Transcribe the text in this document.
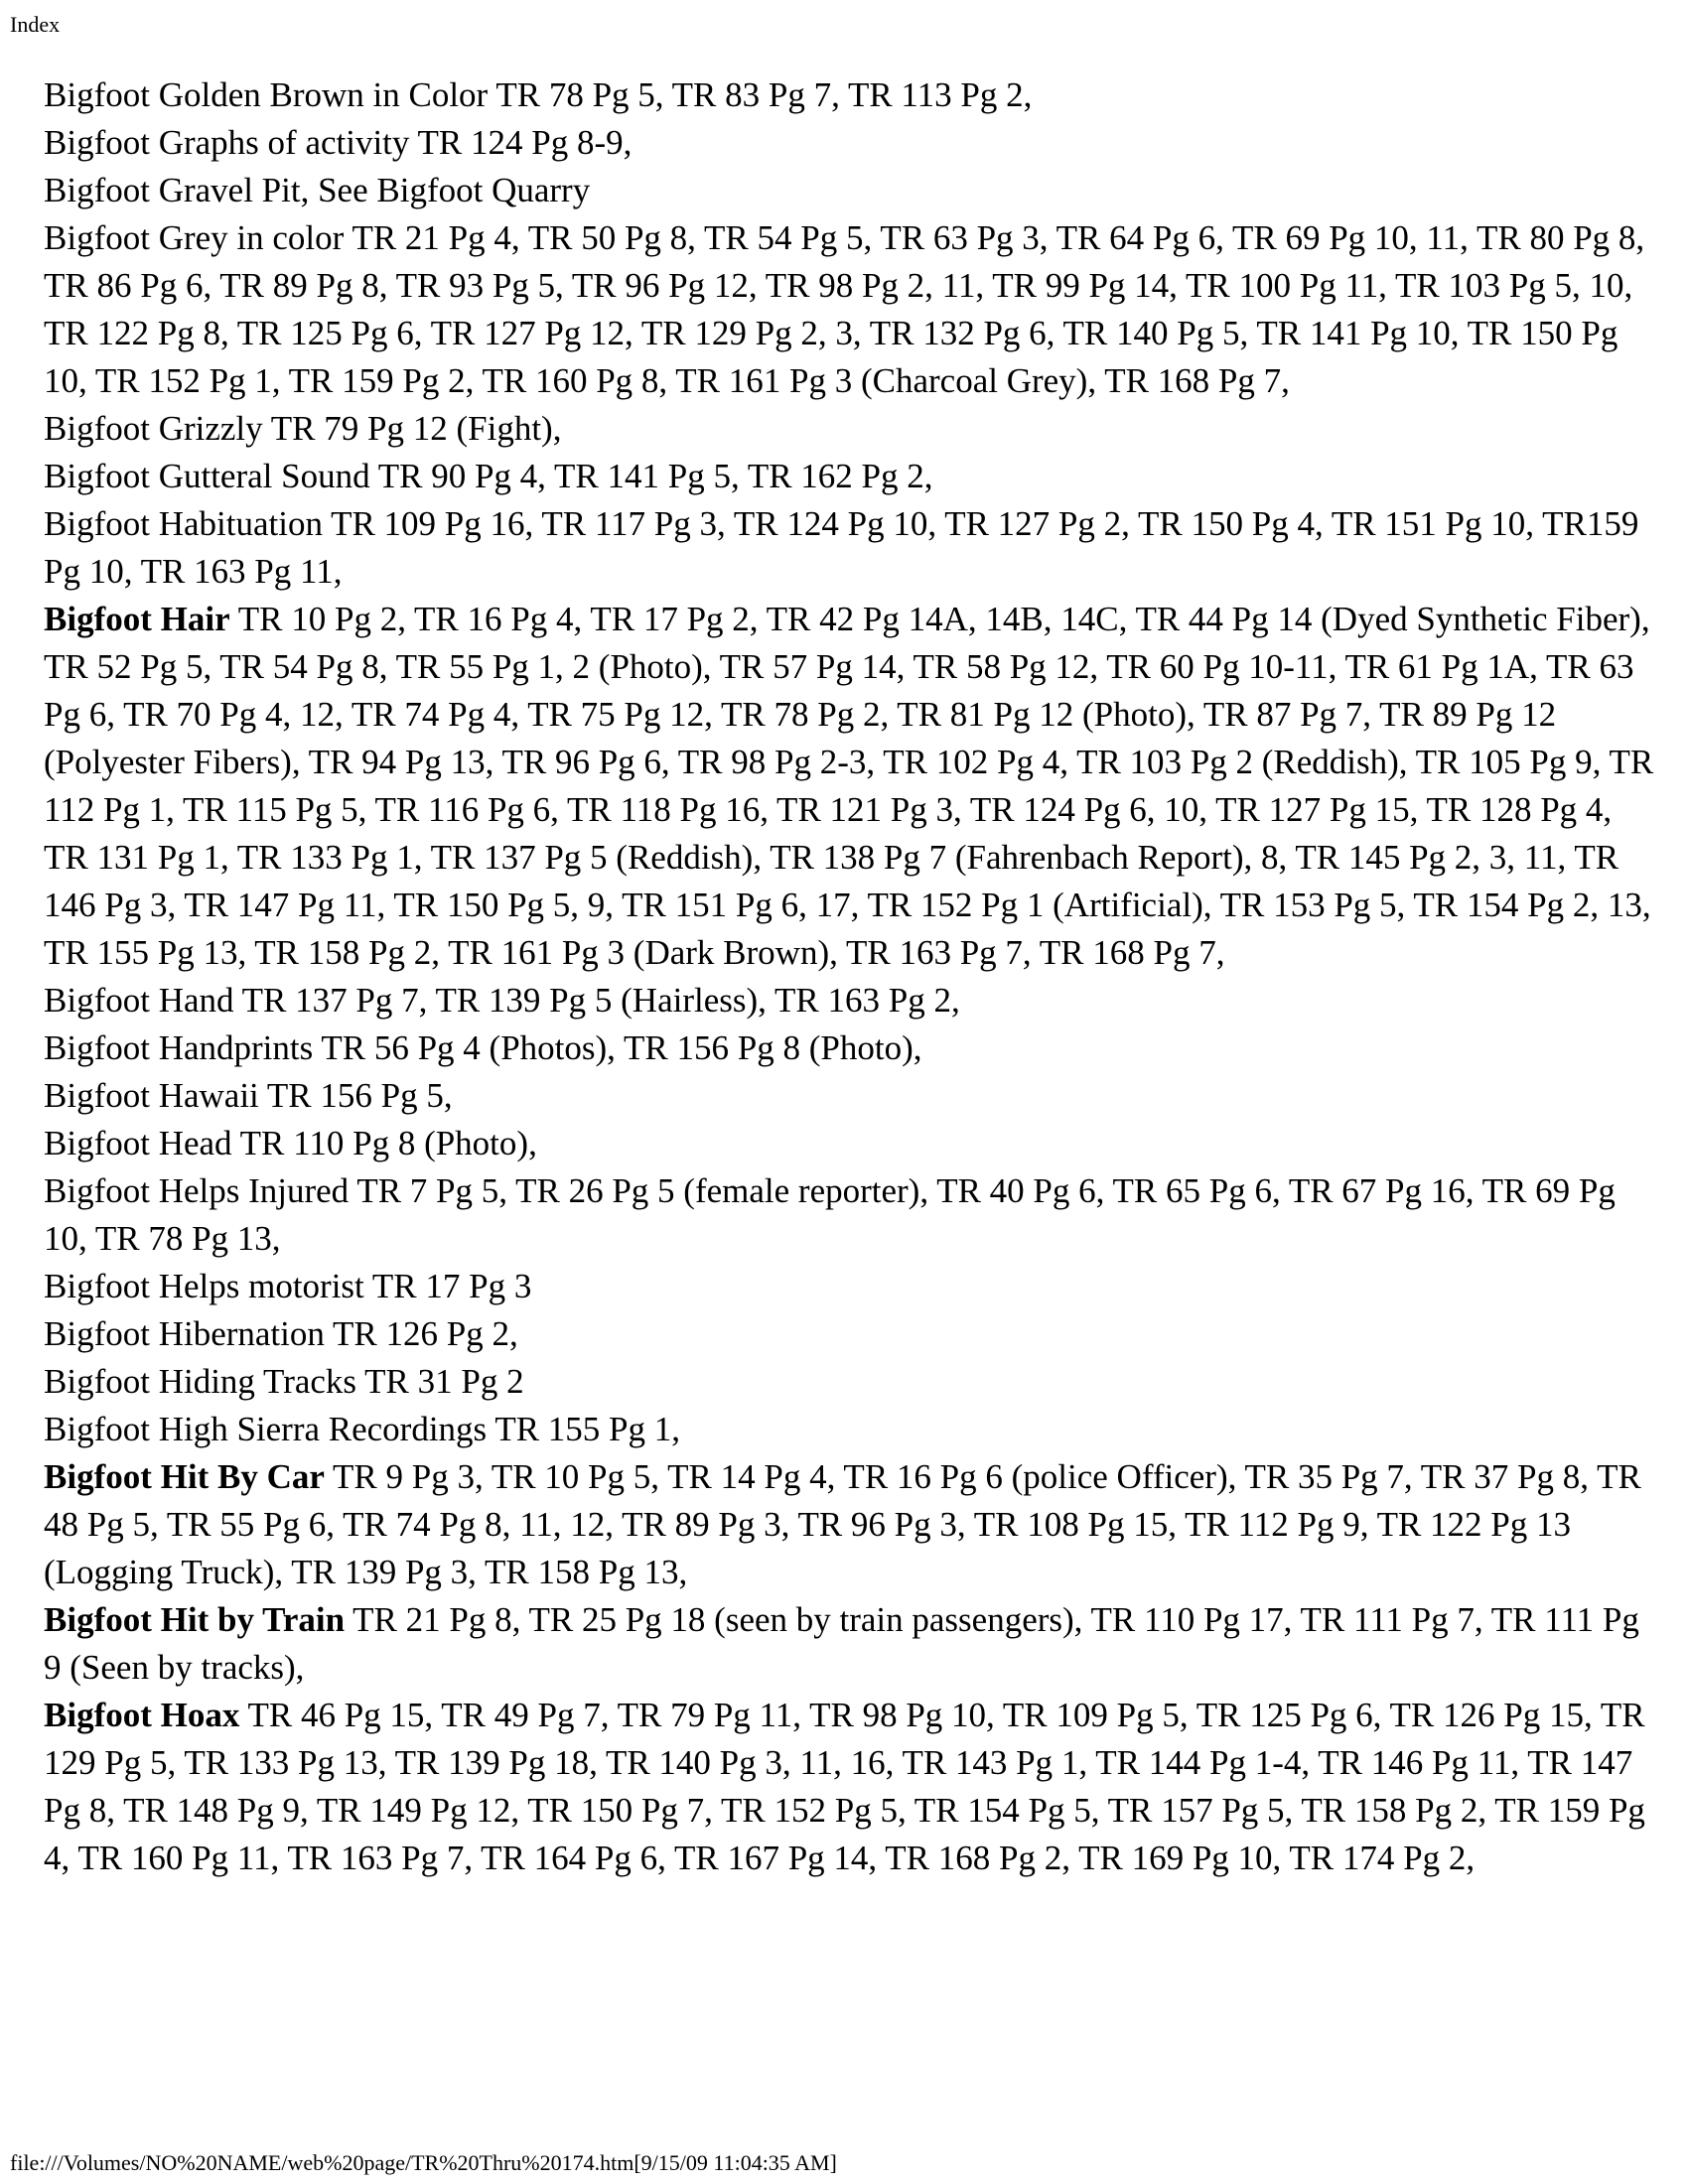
Index
Bigfoot Golden Brown in Color TR 78 Pg 5, TR 83 Pg 7, TR 113 Pg 2,
Bigfoot Graphs of activity TR 124 Pg 8-9,
Bigfoot Gravel Pit, See Bigfoot Quarry
Bigfoot Grey in color TR 21 Pg 4, TR 50 Pg 8, TR 54 Pg 5, TR 63 Pg 3, TR 64 Pg 6, TR 69 Pg 10, 11, TR 80 Pg 8, TR 86 Pg 6, TR 89 Pg 8, TR 93 Pg 5, TR 96 Pg 12, TR 98 Pg 2, 11, TR 99 Pg 14, TR 100 Pg 11, TR 103 Pg 5, 10, TR 122 Pg 8, TR 125 Pg 6, TR 127 Pg 12, TR 129 Pg 2, 3, TR 132 Pg 6, TR 140 Pg 5, TR 141 Pg 10, TR 150 Pg 10, TR 152 Pg 1, TR 159 Pg 2, TR 160 Pg 8, TR 161 Pg 3 (Charcoal Grey), TR 168 Pg 7,
Bigfoot Grizzly TR 79 Pg 12 (Fight),
Bigfoot Gutteral Sound TR 90 Pg 4, TR 141 Pg 5, TR 162 Pg 2,
Bigfoot Habituation TR 109 Pg 16, TR 117 Pg 3, TR 124 Pg 10, TR 127 Pg 2, TR 150 Pg 4, TR 151 Pg 10, TR159 Pg 10, TR 163 Pg 11,
Bigfoot Hair TR 10 Pg 2, TR 16 Pg 4, TR 17 Pg 2, TR 42 Pg 14A, 14B, 14C, TR 44 Pg 14 (Dyed Synthetic Fiber), TR 52 Pg 5, TR 54 Pg 8, TR 55 Pg 1, 2 (Photo), TR 57 Pg 14, TR 58 Pg 12, TR 60 Pg 10-11, TR 61 Pg 1A, TR 63 Pg 6, TR 70 Pg 4, 12, TR 74 Pg 4, TR 75 Pg 12, TR 78 Pg 2, TR 81 Pg 12 (Photo), TR 87 Pg 7, TR 89 Pg 12 (Polyester Fibers), TR 94 Pg 13, TR 96 Pg 6, TR 98 Pg 2-3, TR 102 Pg 4, TR 103 Pg 2 (Reddish), TR 105 Pg 9, TR 112 Pg 1, TR 115 Pg 5, TR 116 Pg 6, TR 118 Pg 16, TR 121 Pg 3, TR 124 Pg 6, 10, TR 127 Pg 15, TR 128 Pg 4, TR 131 Pg 1, TR 133 Pg 1, TR 137 Pg 5 (Reddish), TR 138 Pg 7 (Fahrenbach Report), 8, TR 145 Pg 2, 3, 11, TR 146 Pg 3, TR 147 Pg 11, TR 150 Pg 5, 9, TR 151 Pg 6, 17, TR 152 Pg 1 (Artificial), TR 153 Pg 5, TR 154 Pg 2, 13, TR 155 Pg 13, TR 158 Pg 2, TR 161 Pg 3 (Dark Brown), TR 163 Pg 7, TR 168 Pg 7,
Bigfoot Hand TR 137 Pg 7, TR 139 Pg 5 (Hairless), TR 163 Pg 2,
Bigfoot Handprints TR 56 Pg 4 (Photos), TR 156 Pg 8 (Photo),
Bigfoot Hawaii TR 156 Pg 5,
Bigfoot Head TR 110 Pg 8 (Photo),
Bigfoot Helps Injured TR 7 Pg 5, TR 26 Pg 5 (female reporter), TR 40 Pg 6, TR 65 Pg 6, TR 67 Pg 16, TR 69 Pg 10, TR 78 Pg 13,
Bigfoot Helps motorist TR 17 Pg 3
Bigfoot Hibernation TR 126 Pg 2,
Bigfoot Hiding Tracks TR 31 Pg 2
Bigfoot High Sierra Recordings TR 155 Pg 1,
Bigfoot Hit By Car TR 9 Pg 3, TR 10 Pg 5, TR 14 Pg 4, TR 16 Pg 6 (police Officer), TR 35 Pg 7, TR 37 Pg 8, TR 48 Pg 5, TR 55 Pg 6, TR 74 Pg 8, 11, 12, TR 89 Pg 3, TR 96 Pg 3, TR 108 Pg 15, TR 112 Pg 9, TR 122 Pg 13 (Logging Truck), TR 139 Pg 3, TR 158 Pg 13,
Bigfoot Hit by Train TR 21 Pg 8, TR 25 Pg 18 (seen by train passengers), TR 110 Pg 17, TR 111 Pg 7, TR 111 Pg 9 (Seen by tracks),
Bigfoot Hoax TR 46 Pg 15, TR 49 Pg 7, TR 79 Pg 11, TR 98 Pg 10, TR 109 Pg 5, TR 125 Pg 6, TR 126 Pg 15, TR 129 Pg 5, TR 133 Pg 13, TR 139 Pg 18, TR 140 Pg 3, 11, 16, TR 143 Pg 1, TR 144 Pg 1-4, TR 146 Pg 11, TR 147 Pg 8, TR 148 Pg 9, TR 149 Pg 12, TR 150 Pg 7, TR 152 Pg 5, TR 154 Pg 5, TR 157 Pg 5, TR 158 Pg 2, TR 159 Pg 4, TR 160 Pg 11, TR 163 Pg 7, TR 164 Pg 6, TR 167 Pg 14, TR 168 Pg 2, TR 169 Pg 10, TR 174 Pg 2,
file:///Volumes/NO%20NAME/web%20page/TR%20Thru%20174.htm[9/15/09 11:04:35 AM]
